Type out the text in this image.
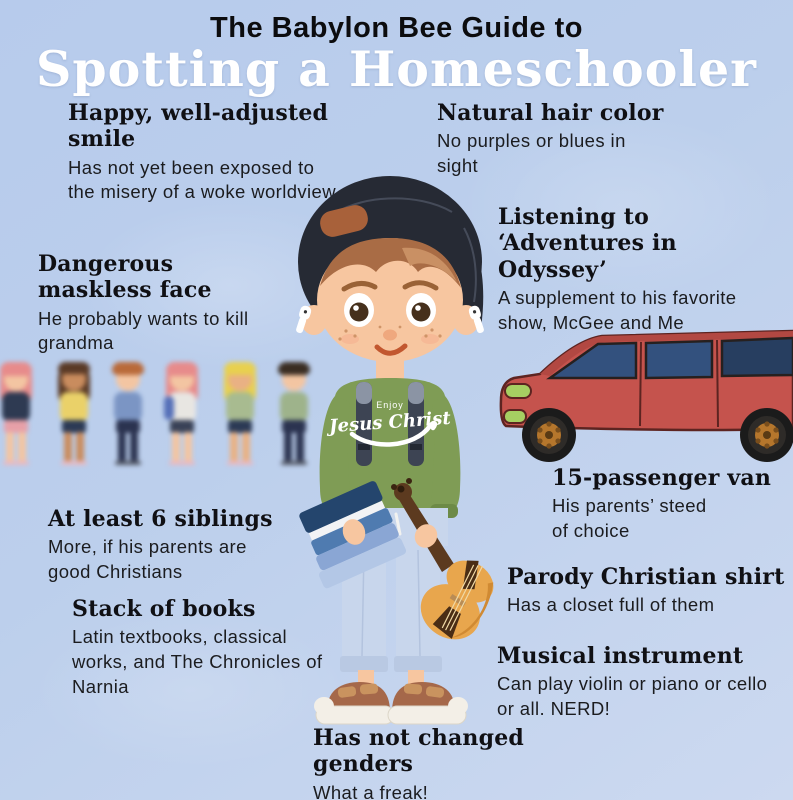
The Babylon Bee Guide to
Spotting a Homeschooler
Happy, well-adjusted smile
Has not yet been exposed to the misery of a woke worldview
Natural hair color
No purples or blues in sight
Listening to ‘Adventures in Odyssey’
A supplement to his favorite show, McGee and Me
Dangerous maskless face
He probably wants to kill grandma
15-passenger van
His parents’ steed of choice
At least 6 siblings
More, if his parents are good Christians	Parody Christian shirt
Has a closet full of them
Stack of books
Latin textbooks, classical works, and The Chronicles of Narnia
Musical instrument
Can play violin or piano or cello or all. NERD!
Has not changed genders
What a freak!
Enjoy
Jesus Christ
